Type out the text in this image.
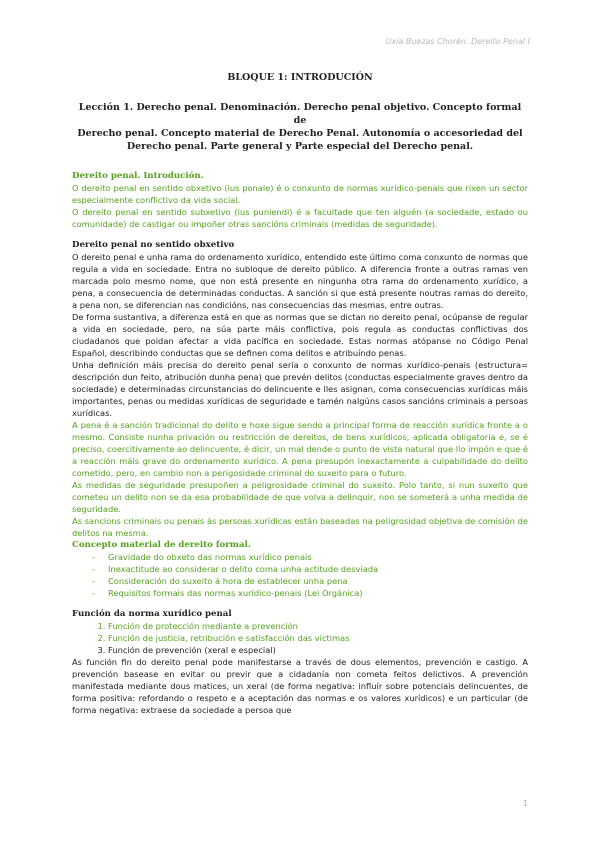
Uxía Buezas Chorén. Dereito Penal I
BLOQUE 1: INTRODUCIÓN
Lección 1. Derecho penal. Denominación. Derecho penal objetivo. Concepto formal de
Derecho penal. Concepto material de Derecho Penal. Autonomía o accesoriedad del
Derecho penal. Parte general y Parte especial del Derecho penal.

Dereito penal. Introdución.

O dereito penal en sentido obxetivo (ius ponale) é o conxunto de normas xurídico-penais que rixen un sector especialmente conflictivo da vida social.

O dereito penal en sentido subxetivo (ius puniendi) é a facultade que ten alguén (a sociedade, estado ou comunidade) de castigar ou impoñer otras sancións criminais (medidas de seguridade).

Dereito penal no sentido obxetivo

O dereito penal e unha rama do ordenamento xurídico, entendido este último coma conxunto de normas que regula a vida en sociedade. Entra no subloque de dereito público. A diferencia fronte a outras ramas ven marcada polo mesmo nome, que non está presente en ningunha otra rama do ordenamento xurídico, a pena, a consecuencia de determinadas conductas. A sanción si que está presente noutras ramas do dereito, a pena non, se diferencian nas condicións, nas consecuencias das mesmas, entre outras.

De forma sustantiva, a diferenza está en que as normas que se dictan no dereito penal, ocúpanse de regular a vida en sociedade, pero, na súa parte máis conflictiva, pois regula as conductas conflictivas dos ciudadanos que poidan afectar a vida pacífica en sociedade. Estas normas atópanse no Código Penal Español, describindo conductas que se definen coma delitos e atribuíndo penas.

Unha definición máis precisa do dereito penal sería o conxunto de normas xurídico-penais (estructura= descripción dun feito, atribución dunha pena) que prevén delitos (conductas especialmente graves dentro da sociedade) e determinadas circunstancias do delincuente e lles asignan, coma consecuencias xurídicas máis importantes, penas ou medidas xurídicas de seguridade e tamén nalgúns casos sancións criminais a persoas xurídicas.

A pena é a sanción tradicional do delito e hoxe sigue sendo a principal forma de reacción xurídica fronte a o mesmo. Consiste nunha privación ou restricción de dereitos, de bens xurídicos, aplicada obligatoria e, se é preciso, coercitivamente ao delincuente, é dicir, un mal dende o punto de vista natural que llo impón e que é a reacción máis grave do ordenamento xurídico. A pena presupón inexactamente a culpabilidade do delito cometido, pero, en cambio non a perigosidade criminal do suxeito para o futuro.

As medidas de seguridade presupoñen a peligrosidade criminal do suxeito. Polo tanto, si nun suxeito que cometeu un delito non se da esa probabilidade de que volva a delinquir, non se someterá a unha medida de seguridade.

As sancions criminais ou penais ás persoas xurídicas están baseadas na peligrosidad objetiva de comisión de delitos na mesma.

Concepto material de dereito formal.

- Gravidade do obxeto das normas xurídico penais
- Inexactitude ao considerar o delito coma unha actitude desviada
- Consideración do suxeito á hora de establecer unha pena
- Requisitos formais das normas xurídico-penais (Lei Orgánica)

Función da norma xurídico penal

1. Función de protección mediante a prevención
2. Función de justicia, retribución e satisfacción das víctimas
3. Función de prevención (xeral e especial)

As función fin do dereito penal pode manifestarse a través de dous elementos, prevención e castigo. A prevención basease en evitar ou previr que a cidadanía non cometa feitos delictivos. A prevención manifestada mediante dous matices, un xeral (de forma negativa: influír sobre potenciais delincuentes, de forma positiva: refordando o respeto e a aceptación das normas e os valores xurídicos) e un particular (de forma negativa: extraese da sociedade a persoa que

1
